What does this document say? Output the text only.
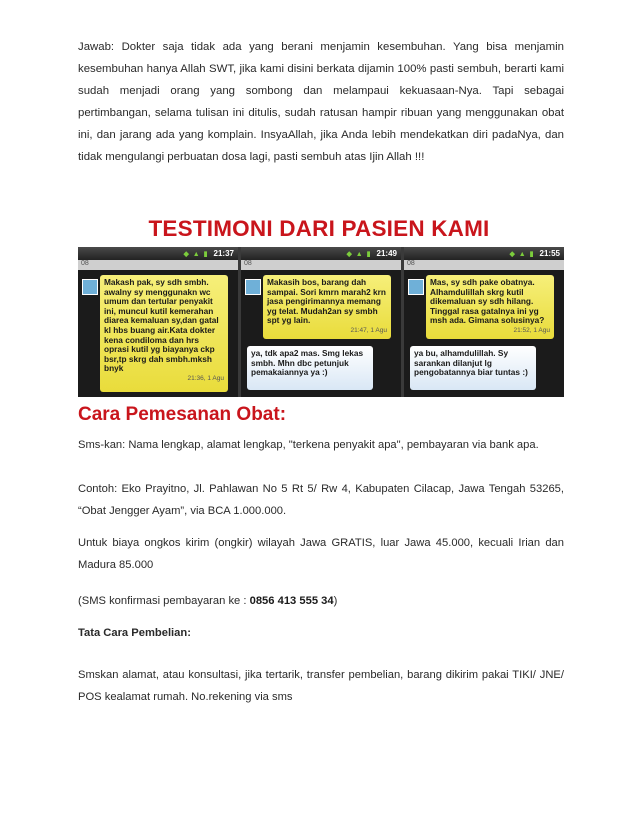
Jawab: Dokter saja tidak ada yang berani menjamin kesembuhan. Yang bisa menjamin kesembuhan hanya Allah SWT, jika kami disini berkata dijamin 100% pasti sembuh, berarti kami sudah menjadi orang yang sombong dan melampaui kekuasaan-Nya. Tapi sebagai pertimbangan, selama tulisan ini ditulis, sudah ratusan hampir ribuan yang menggunakan obat ini, dan jarang ada yang komplain. InsyaAllah, jika Anda lebih mendekatkan diri padaNya, dan tidak mengulangi perbuatan dosa lagi, pasti sembuh atas Ijin Allah !!!

TESTIMONI DARI PASIEN KAMI
◆ ▲ ▮ 21:37
08
Makash pak, sy sdh smbh. awalny sy menggunakn wc umum dan tertular penyakit ini, muncul kutil kemerahan diarea kemaluan sy,dan gatal kl hbs buang air.Kata dokter kena condiloma dan hrs oprasi kutil yg biayanya ckp bsr,tp skrg dah smbh.mksh bnyk
21:36, 1 Agu
◆ ▲ ▮ 21:49
08
Makasih bos, barang dah sampai. Sori kmrn marah2 krn jasa pengirimannya memang yg telat. Mudah2an sy smbh spt yg lain.
21:47, 1 Agu
ya, tdk apa2 mas. Smg lekas smbh. Mhn dbc petunjuk pemakaiannya ya :)
◆ ▲ ▮ 21:55
08
Mas, sy sdh pake obatnya. Alhamdulillah skrg kutil dikemaluan sy sdh hilang. Tinggal rasa gatalnya ini yg msh ada. Gimana solusinya?
21:52, 1 Agu
ya bu, alhamdulillah. Sy sarankan dilanjut lg pengobatannya biar tuntas :)
Cara Pemesanan Obat:

Sms-kan: Nama lengkap, alamat lengkap, "terkena penyakit apa", pembayaran via bank apa.

Contoh: Eko Prayitno, Jl. Pahlawan No 5 Rt 5/ Rw 4, Kabupaten Cilacap, Jawa Tengah 53265, “Obat Jengger Ayam”, via BCA 1.000.000.

Untuk biaya ongkos kirim (ongkir) wilayah Jawa GRATIS, luar Jawa 45.000, kecuali Irian dan Madura 85.000

(SMS konfirmasi pembayaran ke : 0856 413 555 34)

Tata Cara Pembelian:

Smskan alamat, atau konsultasi, jika tertarik, transfer pembelian, barang dikirim pakai TIKI/ JNE/ POS kealamat rumah. No.rekening via sms
